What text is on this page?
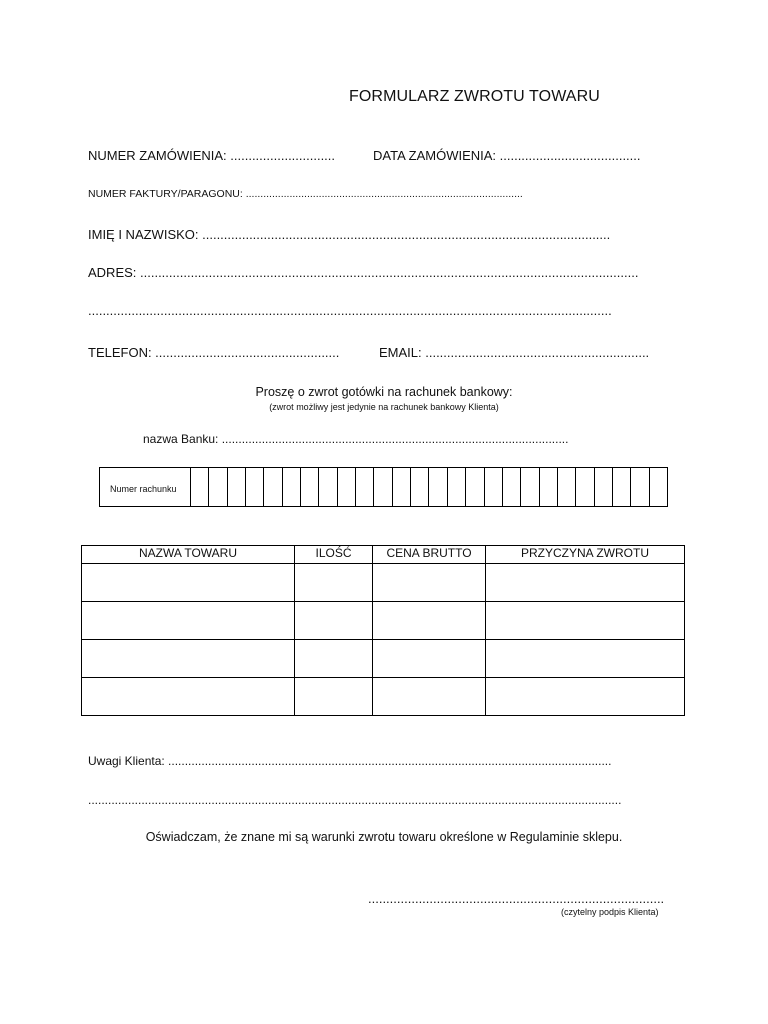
FORMULARZ ZWROTU TOWARU
NUMER ZAMÓWIENIA: .............................	DATA ZAMÓWIENIA: .......................................
NUMER FAKTURY/PARAGONU: ...............................................................................................
IMIĘ I NAZWISKO: .................................................................................................................
ADRES: ..........................................................................................................................................
.................................................................................................................................................
TELEFON: ...................................................	EMAIL: ..............................................................
Proszę o zwrot gotówki na rachunek bankowy:
(zwrot możliwy jest jedynie na rachunek bankowy Klienta)
nazwa Banku: ........................................................................................................
Numer rachunku
NAZWA TOWARU	ILOŚĆ	CENA BRUTTO	PRZYCZYNA ZWROTU

Uwagi Klienta: .....................................................................................................................................
................................................................................................................................................................
Oświadczam, że znane mi są warunki zwrotu towaru określone w Regulaminie sklepu.
..................................................................................
(czytelny podpis Klienta)
